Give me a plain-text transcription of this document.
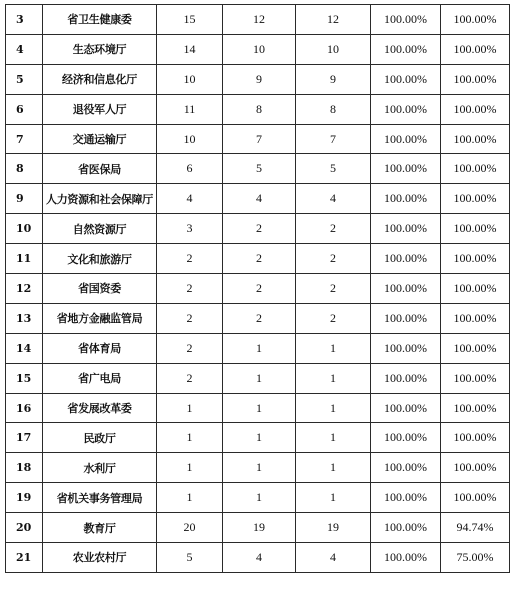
3	省卫生健康委	15	12	12	100.00%	100.00%
4	生态环境厅	14	10	10	100.00%	100.00%
5	经济和信息化厅	10	9	9	100.00%	100.00%
6	退役军人厅	11	8	8	100.00%	100.00%
7	交通运输厅	10	7	7	100.00%	100.00%
8	省医保局	6	5	5	100.00%	100.00%
9	人力资源和社会保障厅	4	4	4	100.00%	100.00%
10	自然资源厅	3	2	2	100.00%	100.00%
11	文化和旅游厅	2	2	2	100.00%	100.00%
12	省国资委	2	2	2	100.00%	100.00%
13	省地方金融监管局	2	2	2	100.00%	100.00%
14	省体育局	2	1	1	100.00%	100.00%
15	省广电局	2	1	1	100.00%	100.00%
16	省发展改革委	1	1	1	100.00%	100.00%
17	民政厅	1	1	1	100.00%	100.00%
18	水利厅	1	1	1	100.00%	100.00%
19	省机关事务管理局	1	1	1	100.00%	100.00%
20	教育厅	20	19	19	100.00%	94.74%
21	农业农村厅	5	4	4	100.00%	75.00%
